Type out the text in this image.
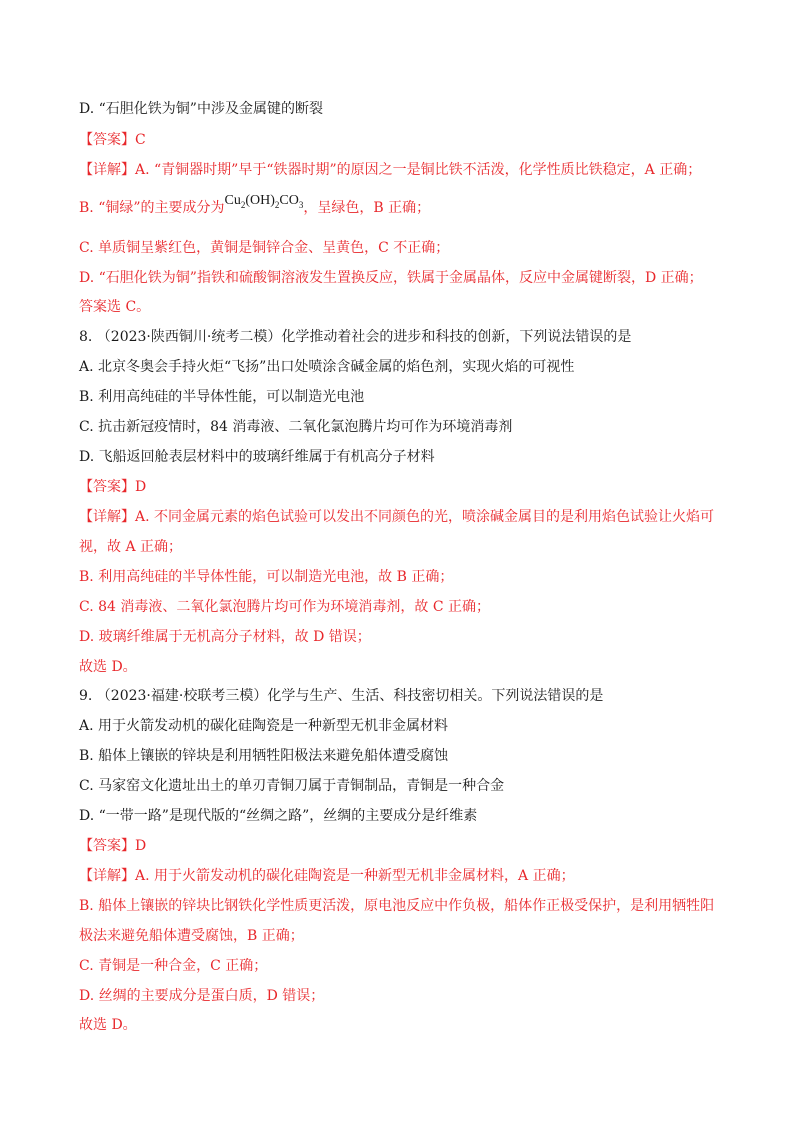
D. “石胆化铁为铜”中涉及金属键的断裂
【答案】C
【详解】A. “青铜器时期”早于“铁器时期”的原因之一是铜比铁不活泼，化学性质比铁稳定，A 正确；
B. “铜绿”的主要成分为$Cu_2(OH)_2CO_3$，呈绿色，B 正确；
C. 单质铜呈紫红色，黄铜是铜锌合金、呈黄色，C 不正确；
D. “石胆化铁为铜”指铁和硫酸铜溶液发生置换反应，铁属于金属晶体，反应中金属键断裂，D 正确；
答案选 C。
8. （2023·陕西铜川·统考二模）化学推动着社会的进步和科技的创新，下列说法错误的是
A. 北京冬奥会手持火炬“飞扬”出口处喷涂含碱金属的焰色剂，实现火焰的可视性
B. 利用高纯硅的半导体性能，可以制造光电池
C. 抗击新冠疫情时，84 消毒液、二氧化氯泡腾片均可作为环境消毒剂
D. 飞船返回舱表层材料中的玻璃纤维属于有机高分子材料
【答案】D
【详解】A. 不同金属元素的焰色试验可以发出不同颜色的光，喷涂碱金属目的是利用焰色试验让火焰可
视，故 A 正确；
B. 利用高纯硅的半导体性能，可以制造光电池，故 B 正确；
C. 84 消毒液、二氧化氯泡腾片均可作为环境消毒剂，故 C 正确；
D. 玻璃纤维属于无机高分子材料，故 D 错误；
故选 D。
9. （2023·福建·校联考三模）化学与生产、生活、科技密切相关。下列说法错误的是
A. 用于火箭发动机的碳化硅陶瓷是一种新型无机非金属材料
B. 船体上镶嵌的锌块是利用牺牲阳极法来避免船体遭受腐蚀
C. 马家窑文化遗址出土的单刃青铜刀属于青铜制品，青铜是一种合金
D. “一带一路”是现代版的“丝绸之路”，丝绸的主要成分是纤维素
【答案】D
【详解】A. 用于火箭发动机的碳化硅陶瓷是一种新型无机非金属材料，A 正确；
B. 船体上镶嵌的锌块比钢铁化学性质更活泼，原电池反应中作负极，船体作正极受保护，是利用牺牲阳
极法来避免船体遭受腐蚀，B 正确；
C. 青铜是一种合金，C 正确；
D. 丝绸的主要成分是蛋白质，D 错误；
故选 D。
